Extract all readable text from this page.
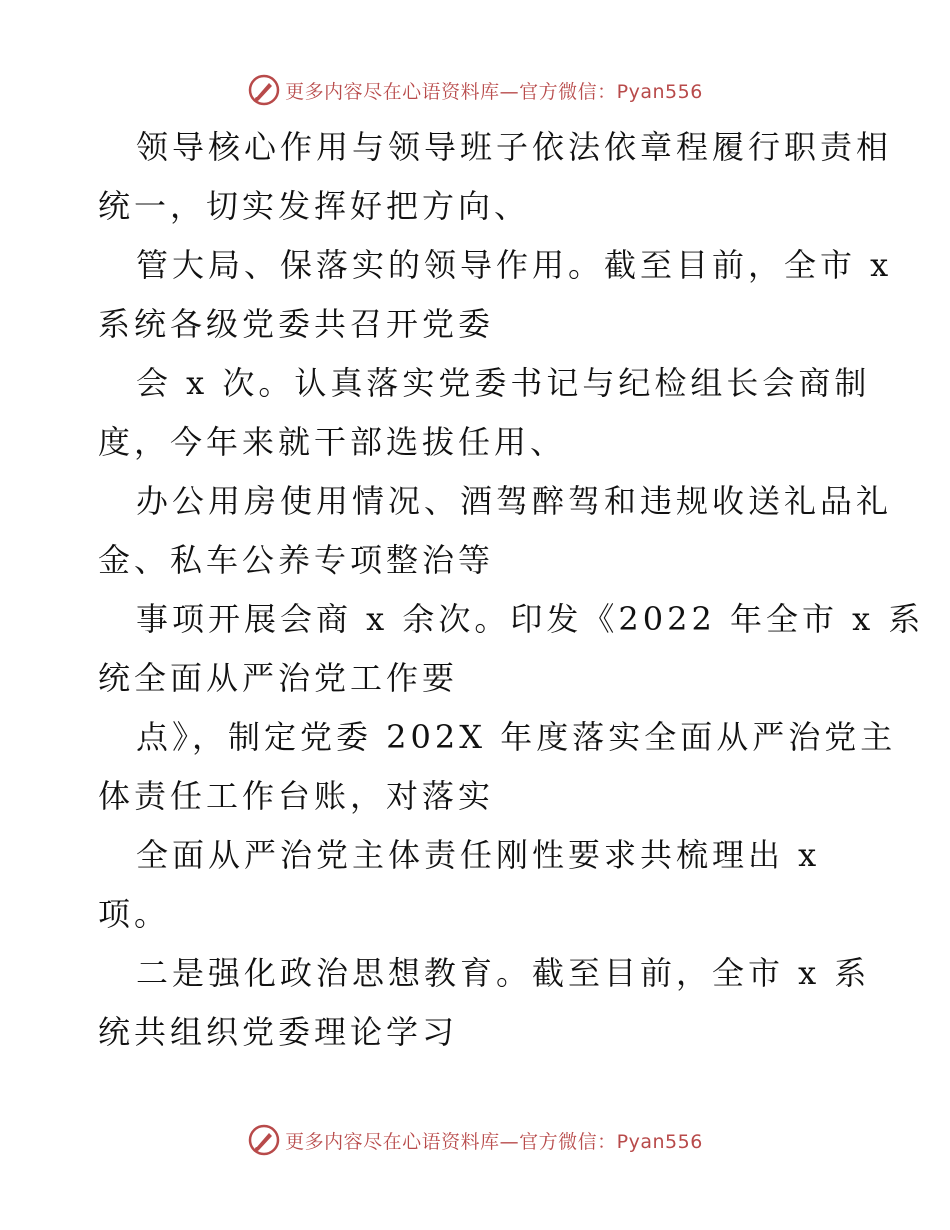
更多内容尽在心语资料库—官方微信：Pyan556
领导核心作用与领导班子依法依章程履行职责相
统一，切实发挥好把方向、
管大局、保落实的领导作用。截至目前，全市 x
系统各级党委共召开党委
会 x 次。认真落实党委书记与纪检组长会商制
度，今年来就干部选拔任用、
办公用房使用情况、酒驾醉驾和违规收送礼品礼
金、私车公养专项整治等
事项开展会商 x 余次。印发《2022 年全市 x 系
统全面从严治党工作要
点》，制定党委 202X 年度落实全面从严治党主
体责任工作台账，对落实
全面从严治党主体责任刚性要求共梳理出 x
项。
二是强化政治思想教育。截至目前，全市 x 系
统共组织党委理论学习
更多内容尽在心语资料库—官方微信：Pyan556
